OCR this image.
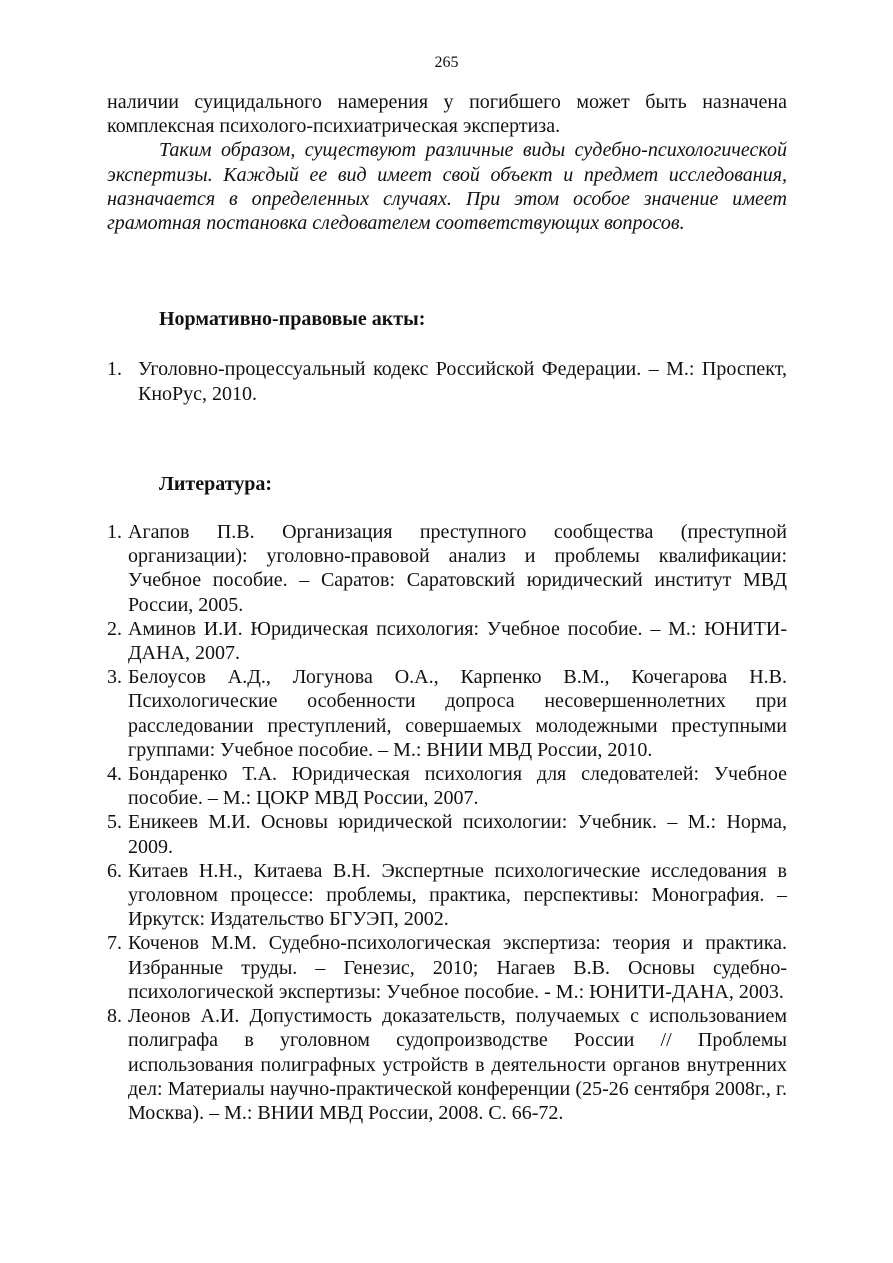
265

наличии суицидального намерения у погибшего может быть назначена комплексная психолого-психиатрическая экспертиза.

Таким образом, существуют различные виды судебно-психологической экспертизы. Каждый ее вид имеет свой объект и предмет исследования, назначается в определенных случаях. При этом особое значение имеет грамотная постановка следователем соответствующих вопросов.

Нормативно-правовые акты:
1. Уголовно-процессуальный кодекс Российской Федерации. – М.: Проспект, КноРус, 2010.
Литература:
1. Агапов П.В. Организация преступного сообщества (преступной организации): уголовно-правовой анализ и проблемы квалификации: Учебное пособие. – Саратов: Саратовский юридический институт МВД России, 2005.
2. Аминов И.И. Юридическая психология: Учебное пособие. – М.: ЮНИТИ-ДАНА, 2007.
3. Белоусов А.Д., Логунова О.А., Карпенко В.М., Кочегарова Н.В. Психологические особенности допроса несовершеннолетних при расследовании преступлений, совершаемых молодежными преступными группами: Учебное пособие. – М.: ВНИИ МВД России, 2010.
4. Бондаренко Т.А. Юридическая психология для следователей: Учебное пособие. – М.: ЦОКР МВД России, 2007.
5. Еникеев М.И. Основы юридической психологии: Учебник. – М.: Норма, 2009.
6. Китаев Н.Н., Китаева В.Н. Экспертные психологические исследования в уголовном процессе: проблемы, практика, перспективы: Монография. – Иркутск: Издательство БГУЭП, 2002.
7. Коченов М.М. Судебно-психологическая экспертиза: теория и практика. Избранные труды. – Генезис, 2010; Нагаев В.В. Основы судебно-психологической экспертизы: Учебное пособие. - М.: ЮНИТИ-ДАНА, 2003.
8. Леонов А.И. Допустимость доказательств, получаемых с использованием полиграфа в уголовном судопроизводстве России // Проблемы использования полиграфных устройств в деятельности органов внутренних дел: Материалы научно-практической конференции (25-26 сентября 2008г., г. Москва). – М.: ВНИИ МВД России, 2008. С. 66-72.
